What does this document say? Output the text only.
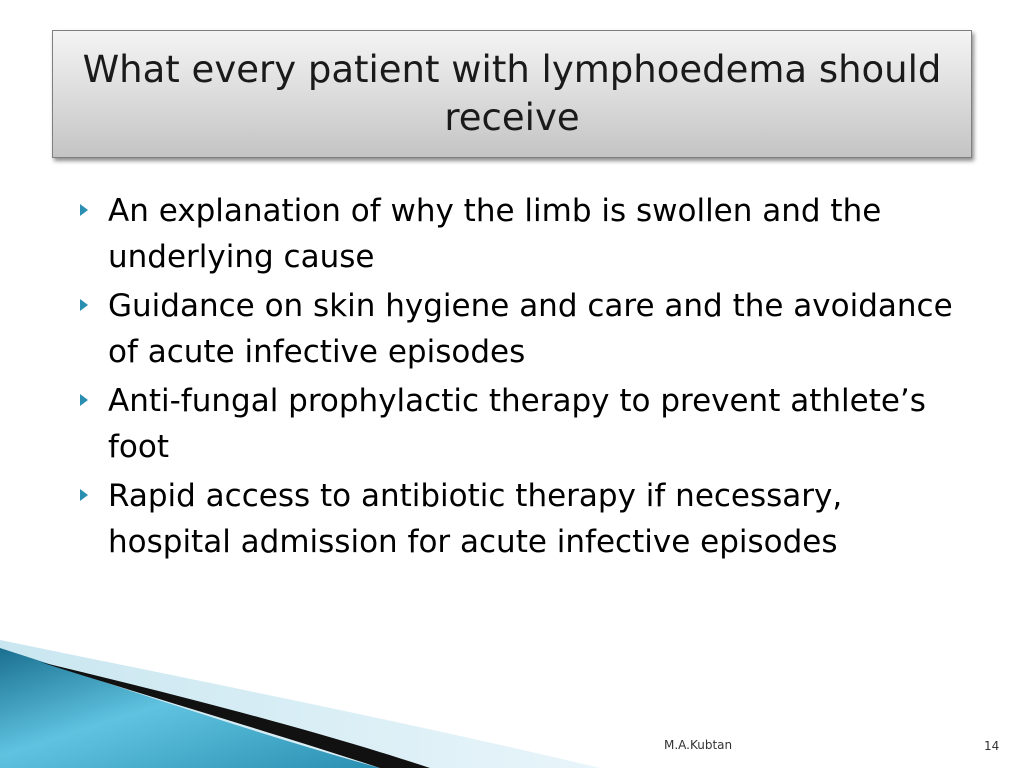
What every patient with lymphoedema should receive
An explanation of why the limb is swollen and the underlying cause
Guidance on skin hygiene and care and the avoidance of acute infective episodes
Anti-fungal prophylactic therapy to prevent athlete’s foot
Rapid access to antibiotic therapy if necessary, hospital admission for acute infective episodes
M.A.Kubtan	14
